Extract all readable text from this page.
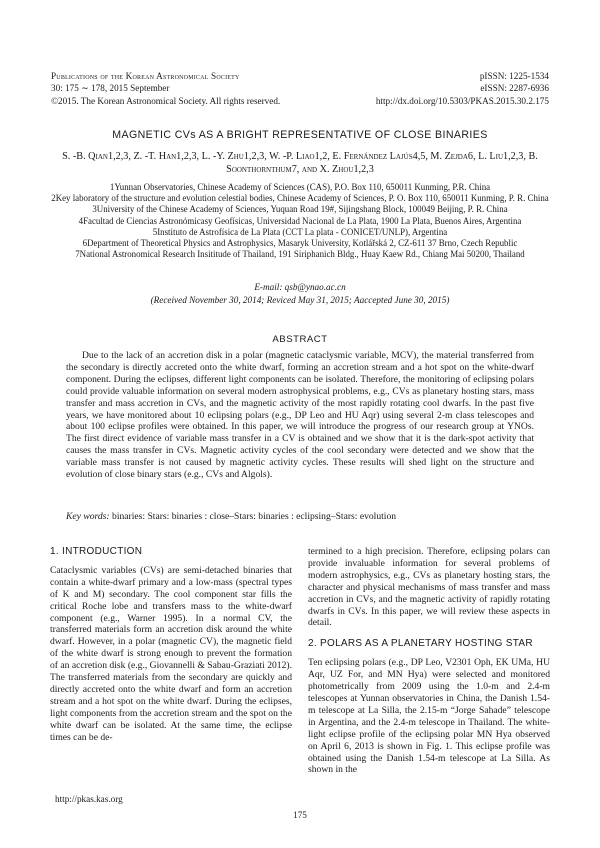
Publications of the Korean Astronomical Society
30: 175 ∼ 178, 2015 September
©2015. The Korean Astronomical Society. All rights reserved.
pISSN: 1225-1534
eISSN: 2287-6936
http://dx.doi.org/10.5303/PKAS.2015.30.2.175
MAGNETIC CVs AS A BRIGHT REPRESENTATIVE OF CLOSE BINARIES
S. -B. Qian1,2,3, Z. -T. Han1,2,3, L. -Y. Zhu1,2,3, W. -P. Liao1,2, E. Fernández Lajús4,5, M. Zejda6, L. Liu1,2,3, B. Soonthornthum7, and X. Zhou1,2,3
1Yunnan Observatories, Chinese Academy of Sciences (CAS), P.O. Box 110, 650011 Kunming, P.R. China
2Key laboratory of the structure and evolution celestial bodies, Chinese Academy of Sciences, P. O. Box 110, 650011 Kunming, P. R. China
3University of the Chinese Academy of Sciences, Yuquan Road 19#, Sijingshang Block, 100049 Beijing, P. R. China
4Facultad de Ciencias Astronómicasy Geofísicas, Universidad Nacional de La Plata, 1900 La Plata, Buenos Aires, Argentina
5Instituto de Astrofísica de La Plata (CCT La plata - CONICET/UNLP), Argentina
6Department of Theoretical Physics and Astrophysics, Masaryk University, Kotlářská 2, CZ-611 37 Brno, Czech Republic
7National Astronomical Research Insititude of Thailand, 191 Siriphanich Bldg., Huay Kaew Rd., Chiang Mai 50200, Thailand
E-mail: qsb@ynao.ac.cn
(Received November 30, 2014; Reviced May 31, 2015; Aaccepted June 30, 2015)
ABSTRACT
Due to the lack of an accretion disk in a polar (magnetic cataclysmic variable, MCV), the material transferred from the secondary is directly accreted onto the white dwarf, forming an accretion stream and a hot spot on the white-dwarf component. During the eclipses, different light components can be isolated. Therefore, the monitoring of eclipsing polars could provide valuable information on several modern astrophysical problems, e.g., CVs as planetary hosting stars, mass transfer and mass accretion in CVs, and the magnetic activity of the most rapidly rotating cool dwarfs. In the past five years, we have monitored about 10 eclipsing polars (e.g., DP Leo and HU Aqr) using several 2-m class telescopes and about 100 eclipse profiles were obtained. In this paper, we will introduce the progress of our research group at YNOs. The first direct evidence of variable mass transfer in a CV is obtained and we show that it is the dark-spot activity that causes the mass transfer in CVs. Magnetic activity cycles of the cool secondary were detected and we show that the variable mass transfer is not caused by magnetic activity cycles. These results will shed light on the structure and evolution of close binary stars (e.g., CVs and Algols).
Key words: binaries: Stars: binaries : close–Stars: binaries : eclipsing–Stars: evolution
1. INTRODUCTION
Cataclysmic variables (CVs) are semi-detached binaries that contain a white-dwarf primary and a low-mass (spectral types of K and M) secondary. The cool component star fills the critical Roche lobe and transfers mass to the white-dwarf component (e.g., Warner 1995). In a normal CV, the transferred materials form an accretion disk around the white dwarf. However, in a polar (magnetic CV), the magnetic field of the white dwarf is strong enough to prevent the formation of an accretion disk (e.g., Giovannelli & Sabau-Graziati 2012). The transferred materials from the secondary are quickly and directly accreted onto the white dwarf and form an accretion stream and a hot spot on the white dwarf. During the eclipses, light components from the accretion stream and the spot on the white dwarf can be isolated. At the same time, the eclipse times can be de-
termined to a high precision. Therefore, eclipsing polars can provide invaluable information for several problems of modern astrophysics, e.g., CVs as planetary hosting stars, the character and physical mechanisms of mass transfer and mass accretion in CVs, and the magnetic activity of rapidly rotating dwarfs in CVs. In this paper, we will review these aspects in detail.
2. POLARS AS A PLANETARY HOSTING STAR
Ten eclipsing polars (e.g., DP Leo, V2301 Oph, EK UMa, HU Aqr, UZ For, and MN Hya) were selected and monitored photometrically from 2009 using the 1.0-m and 2.4-m telescopes at Yunnan observatories in China, the Danish 1.54-m telescope at La Silla, the 2.15-m “Jorge Sahade” telescope in Argentina, and the 2.4-m telescope in Thailand. The white-light eclipse profile of the eclipsing polar MN Hya observed on April 6, 2013 is shown in Fig. 1. This eclipse profile was obtained using the Danish 1.54-m telescope at La Silla. As shown in the
http://pkas.kas.org
175
